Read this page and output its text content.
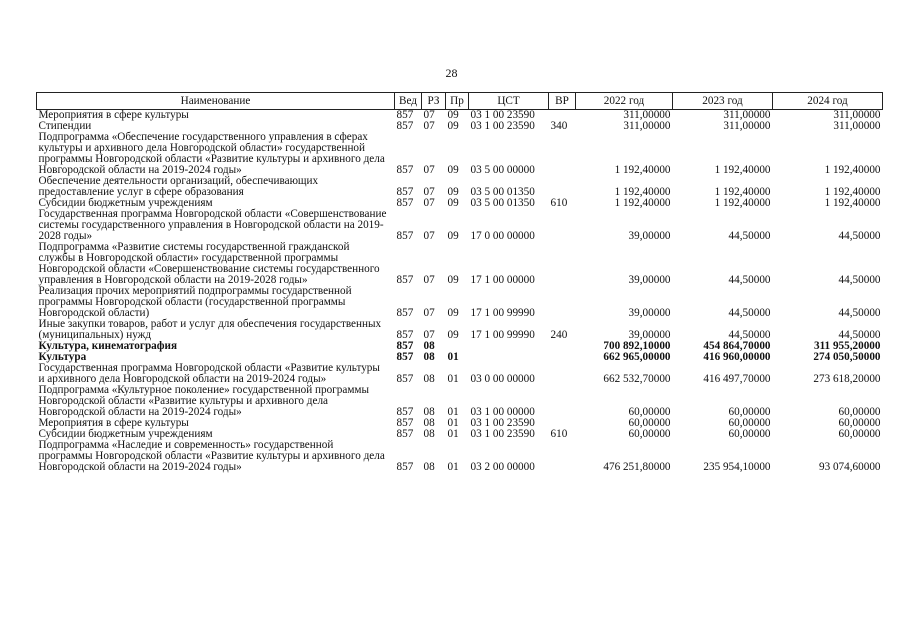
28
Наименование	Вед	РЗ	Пр	ЦСТ	ВР	2022 год	2023 год	2024 год
Мероприятия в сфере культуры	857	07	09	03 1 00 23590		311,00000	311,00000	311,00000
Стипендии	857	07	09	03 1 00 23590	340	311,00000	311,00000	311,00000
Подпрограмма «Обеспечение государственного управления в сферах культуры и архивного дела Новгородской области» государственной программы Новгородской области «Развитие культуры и архивного дела Новгородской области на 2019-2024 годы»	857	07	09	03 5 00 00000		1 192,40000	1 192,40000	1 192,40000
Обеспечение деятельности организаций, обеспечивающих предоставление услуг в сфере образования	857	07	09	03 5 00 01350		1 192,40000	1 192,40000	1 192,40000
Субсидии бюджетным учреждениям	857	07	09	03 5 00 01350	610	1 192,40000	1 192,40000	1 192,40000
Государственная программа Новгородской области «Совершенствование системы государственного управления в Новгородской области на 2019-2028 годы»	857	07	09	17 0 00 00000		39,00000	44,50000	44,50000
Подпрограмма «Развитие системы государственной гражданской службы в Новгородской области» государственной программы Новгородской области «Совершенствование системы государственного управления в Новгородской области на 2019-2028 годы»	857	07	09	17 1 00 00000		39,00000	44,50000	44,50000
Реализация прочих мероприятий подпрограммы государственной программы Новгородской области (государственной программы Новгородской области)	857	07	09	17 1 00 99990		39,00000	44,50000	44,50000
Иные закупки товаров, работ и услуг для обеспечения государственных (муниципальных) нужд	857	07	09	17 1 00 99990	240	39,00000	44,50000	44,50000
Культура, кинематография	857	08				700 892,10000	454 864,70000	311 955,20000
Культура	857	08	01			662 965,00000	416 960,00000	274 050,50000
Государственная программа Новгородской области «Развитие культуры и архивного дела Новгородской области на 2019-2024 годы»	857	08	01	03 0 00 00000		662 532,70000	416 497,70000	273 618,20000
Подпрограмма «Культурное поколение» государственной программы Новгородской области «Развитие культуры и архивного дела Новгородской области на 2019-2024 годы»	857	08	01	03 1 00 00000		60,00000	60,00000	60,00000
Мероприятия в сфере культуры	857	08	01	03 1 00 23590		60,00000	60,00000	60,00000
Субсидии бюджетным учреждениям	857	08	01	03 1 00 23590	610	60,00000	60,00000	60,00000
Подпрограмма «Наследие и современность» государственной программы Новгородской области «Развитие культуры и архивного дела Новгородской области на 2019-2024 годы»	857	08	01	03 2 00 00000		476 251,80000	235 954,10000	93 074,60000
